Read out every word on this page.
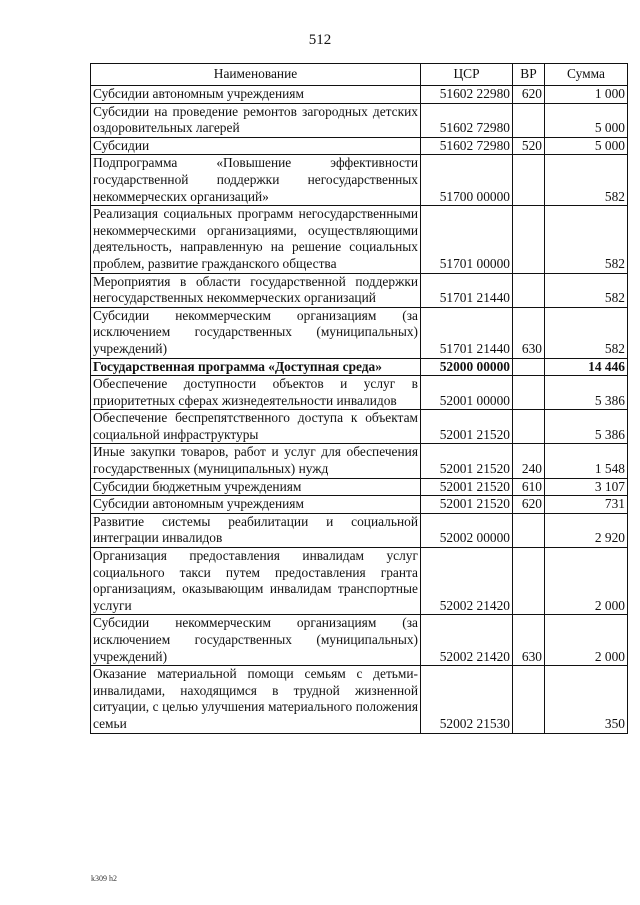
512
Наименование	ЦСР	ВР	Сумма
Субсидии автономным учреждениям	51602 22980	620	1 000
Субсидии на проведение ремонтов загородных детских оздоровительных лагерей	51602 72980		5 000
Субсидии	51602 72980	520	5 000
Подпрограмма «Повышение эффективности государственной поддержки негосударственных некоммерческих организаций»	51700 00000		582
Реализация социальных программ негосударственными некоммерческими организациями, осуществляющими деятельность, направленную на решение социальных проблем, развитие гражданского общества	51701 00000		582
Мероприятия в области государственной поддержки негосударственных некоммерческих организаций	51701 21440		582
Субсидии некоммерческим организациям (за исключением государственных (муниципальных) учреждений)	51701 21440	630	582
Государственная программа «Доступная среда»	52000 00000		14 446
Обеспечение доступности объектов и услуг в приоритетных сферах жизнедеятельности инвалидов	52001 00000		5 386
Обеспечение беспрепятственного доступа к объектам социальной инфраструктуры	52001 21520		5 386
Иные закупки товаров, работ и услуг для обеспечения государственных (муниципальных) нужд	52001 21520	240	1 548
Субсидии бюджетным учреждениям	52001 21520	610	3 107
Субсидии автономным учреждениям	52001 21520	620	731
Развитие системы реабилитации и социальной интеграции инвалидов	52002 00000		2 920
Организация предоставления инвалидам услуг социального такси путем предоставления гранта организациям, оказывающим инвалидам транспортные услуги	52002 21420		2 000
Субсидии некоммерческим организациям (за исключением государственных (муниципальных) учреждений)	52002 21420	630	2 000
Оказание материальной помощи семьям с детьми-инвалидами, находящимся в трудной жизненной ситуации, с целью улучшения материального положения семьи	52002 21530		350
k309 h2
